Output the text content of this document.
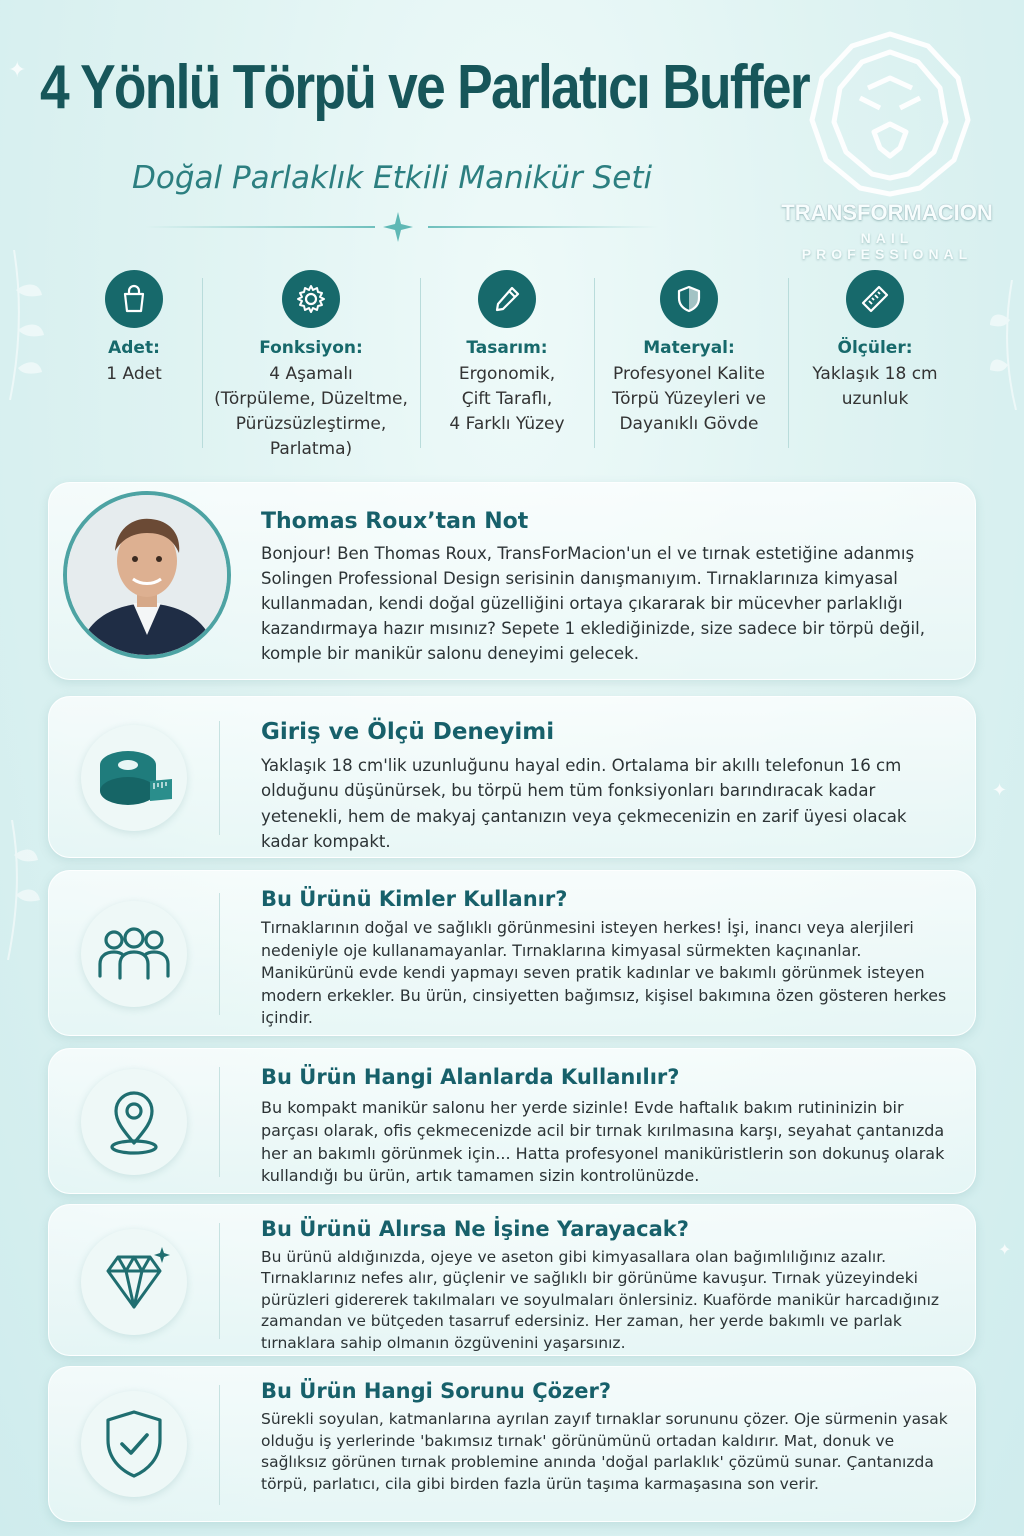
✦
✦
✦
4 Yönlü Törpü ve Parlatıcı Buffer
Doğal Parlaklık Etkili Manikür Seti
TRANSFORMACION
NAIL PROFESSIONAL
Adet:
1 Adet
Fonksiyon:
4 Aşamalı
(Törpüleme, Düzeltme,
Pürüzsüzleştirme,
Parlatma)
Tasarım:
Ergonomik,
Çift Taraflı,
4 Farklı Yüzey
Materyal:
Profesyonel Kalite
Törpü Yüzeyleri ve
Dayanıklı Gövde
Ölçüler:
Yaklaşık 18 cm
uzunluk
Thomas Roux’tan Not
Bonjour! Ben Thomas Roux, TransForMacion'un el ve tırnak estetiğine adanmış Solingen Professional Design serisinin danışmanıyım. Tırnaklarınıza kimyasal kullanmadan, kendi doğal güzelliğini ortaya çıkararak bir mücevher parlaklığı kazandırmaya hazır mısınız? Sepete 1 eklediğinizde, size sadece bir törpü değil, komple bir manikür salonu deneyimi gelecek.
Giriş ve Ölçü Deneyimi
Yaklaşık 18 cm'lik uzunluğunu hayal edin. Ortalama bir akıllı telefonun 16 cm olduğunu düşünürsek, bu törpü hem tüm fonksiyonları barındıracak kadar yetenekli, hem de makyaj çantanızın veya çekmecenizin en zarif üyesi olacak kadar kompakt.
Bu Ürünü Kimler Kullanır?
Tırnaklarının doğal ve sağlıklı görünmesini isteyen herkes! İşi, inancı veya alerjileri nedeniyle oje kullanamayanlar. Tırnaklarına kimyasal sürmekten kaçınanlar. Manikürünü evde kendi yapmayı seven pratik kadınlar ve bakımlı görünmek isteyen modern erkekler. Bu ürün, cinsiyetten bağımsız, kişisel bakımına özen gösteren herkes içindir.
Bu Ürün Hangi Alanlarda Kullanılır?
Bu kompakt manikür salonu her yerde sizinle! Evde haftalık bakım rutininizin bir parçası olarak, ofis çekmecenizde acil bir tırnak kırılmasına karşı, seyahat çantanızda her an bakımlı görünmek için... Hatta profesyonel maniküristlerin son dokunuş olarak kullandığı bu ürün, artık tamamen sizin kontrolünüzde.
Bu Ürünü Alırsa Ne İşine Yarayacak?
Bu ürünü aldığınızda, ojeye ve aseton gibi kimyasallara olan bağımlılığınız azalır. Tırnaklarınız nefes alır, güçlenir ve sağlıklı bir görünüme kavuşur. Tırnak yüzeyindeki pürüzleri gidererek takılmaları ve soyulmaları önlersiniz. Kuaförde manikür harcadığınız zamandan ve bütçeden tasarruf edersiniz. Her zaman, her yerde bakımlı ve parlak tırnaklara sahip olmanın özgüvenini yaşarsınız.
Bu Ürün Hangi Sorunu Çözer?
Sürekli soyulan, katmanlarına ayrılan zayıf tırnaklar sorununu çözer. Oje sürmenin yasak olduğu iş yerlerinde 'bakımsız tırnak' görünümünü ortadan kaldırır. Mat, donuk ve sağlıksız görünen tırnak problemine anında 'doğal parlaklık' çözümü sunar. Çantanızda törpü, parlatıcı, cila gibi birden fazla ürün taşıma karmaşasına son verir.
